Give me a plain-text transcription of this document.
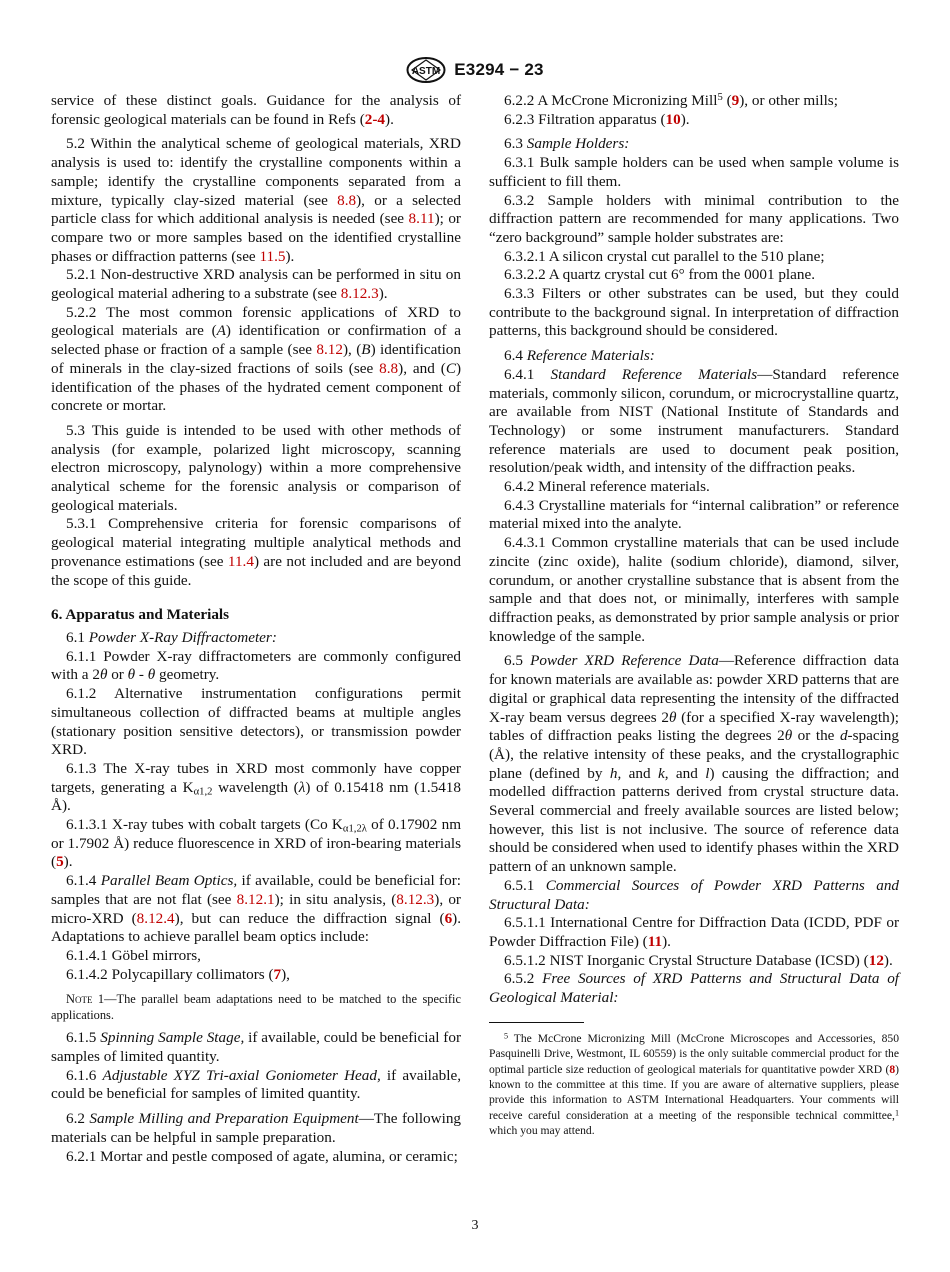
ASTM E3294 − 23

service of these distinct goals. Guidance for the analysis of forensic geological materials can be found in Refs (2-4).

5.2 Within the analytical scheme of geological materials, XRD analysis is used to: identify the crystalline components within a sample; identify the crystalline components separated from a mixture, typically clay-sized material (see 8.8), or a selected particle class for which additional analysis is needed (see 8.11); or compare two or more samples based on the identified crystalline phases or diffraction patterns (see 11.5).

5.2.1 Non-destructive XRD analysis can be performed in situ on geological material adhering to a substrate (see 8.12.3).

5.2.2 The most common forensic applications of XRD to geological materials are (A) identification or confirmation of a selected phase or fraction of a sample (see 8.12), (B) identification of minerals in the clay-sized fractions of soils (see 8.8), and (C) identification of the phases of the hydrated cement component of concrete or mortar.

5.3 This guide is intended to be used with other methods of analysis (for example, polarized light microscopy, scanning electron microscopy, palynology) within a more comprehensive analytical scheme for the forensic analysis or comparison of geological materials.

5.3.1 Comprehensive criteria for forensic comparisons of geological material integrating multiple analytical methods and provenance estimations (see 11.4) are not included and are beyond the scope of this guide.

6. Apparatus and Materials

6.1 Powder X-Ray Diffractometer:

6.1.1 Powder X-ray diffractometers are commonly configured with a 2θ or θ - θ geometry.

6.1.2 Alternative instrumentation configurations permit simultaneous collection of diffracted beams at multiple angles (stationary position sensitive detectors), or transmission powder XRD.

6.1.3 The X-ray tubes in XRD most commonly have copper targets, generating a $K_{\alpha 1,2}$ wavelength (λ) of 0.15418 nm (1.5418 Å).

6.1.3.1 X-ray tubes with cobalt targets (Co $K_{\alpha 1,2\lambda}$ of 0.17902 nm or 1.7902 Å) reduce fluorescence in XRD of iron-bearing materials (5).

6.1.4 Parallel Beam Optics, if available, could be beneficial for: samples that are not flat (see 8.12.1); in situ analysis, (8.12.3), or micro-XRD (8.12.4), but can reduce the diffraction signal (6). Adaptations to achieve parallel beam optics include:

6.1.4.1 Göbel mirrors,

6.1.4.2 Polycapillary collimators (7),

Note 1—The parallel beam adaptations need to be matched to the specific applications.

6.1.5 Spinning Sample Stage, if available, could be beneficial for samples of limited quantity.

6.1.6 Adjustable XYZ Tri-axial Goniometer Head, if available, could be beneficial for samples of limited quantity.

6.2 Sample Milling and Preparation Equipment—The following materials can be helpful in sample preparation.

6.2.1 Mortar and pestle composed of agate, alumina, or ceramic;

6.2.2 A McCrone Micronizing Mill$^5$ (9), or other mills;

6.2.3 Filtration apparatus (10).

6.3 Sample Holders:

6.3.1 Bulk sample holders can be used when sample volume is sufficient to fill them.

6.3.2 Sample holders with minimal contribution to the diffraction pattern are recommended for many applications. Two “zero background” sample holder substrates are:

6.3.2.1 A silicon crystal cut parallel to the 510 plane;

6.3.2.2 A quartz crystal cut 6° from the 0001 plane.

6.3.3 Filters or other substrates can be used, but they could contribute to the background signal. In interpretation of diffraction patterns, this background should be considered.

6.4 Reference Materials:

6.4.1 Standard Reference Materials—Standard reference materials, commonly silicon, corundum, or microcrystalline quartz, are available from NIST (National Institute of Standards and Technology) or some instrument manufacturers. Standard reference materials are used to document peak position, resolution/peak width, and intensity of the diffraction peaks.

6.4.2 Mineral reference materials.

6.4.3 Crystalline materials for “internal calibration” or reference material mixed into the analyte.

6.4.3.1 Common crystalline materials that can be used include zincite (zinc oxide), halite (sodium chloride), diamond, silver, corundum, or another crystalline substance that is absent from the sample and that does not, or minimally, interferes with sample diffraction peaks, as demonstrated by prior sample analysis or prior knowledge of the sample.

6.5 Powder XRD Reference Data—Reference diffraction data for known materials are available as: powder XRD patterns that are digital or graphical data representing the intensity of the diffracted X-ray beam versus degrees 2θ (for a specified X-ray wavelength); tables of diffraction peaks listing the degrees 2θ or the d-spacing (Å), the relative intensity of these peaks, and the crystallographic plane (defined by h, and k, and l) causing the diffraction; and modelled diffraction patterns derived from crystal structure data. Several commercial and freely available sources are listed below; however, this list is not inclusive. The source of reference data should be considered when used to identify phases within the XRD pattern of an unknown sample.

6.5.1 Commercial Sources of Powder XRD Patterns and Structural Data:

6.5.1.1 International Centre for Diffraction Data (ICDD, PDF or Powder Diffraction File) (11).

6.5.1.2 NIST Inorganic Crystal Structure Database (ICSD) (12).

6.5.2 Free Sources of XRD Patterns and Structural Data of Geological Material:

$^5$ The McCrone Micronizing Mill (McCrone Microscopes and Accessories, 850 Pasquinelli Drive, Westmont, IL 60559) is the only suitable commercial product for the optimal particle size reduction of geological materials for quantitative powder XRD (8) known to the committee at this time. If you are aware of alternative suppliers, please provide this information to ASTM International Headquarters. Your comments will receive careful consideration at a meeting of the responsible technical committee,$^1$ which you may attend.

3
